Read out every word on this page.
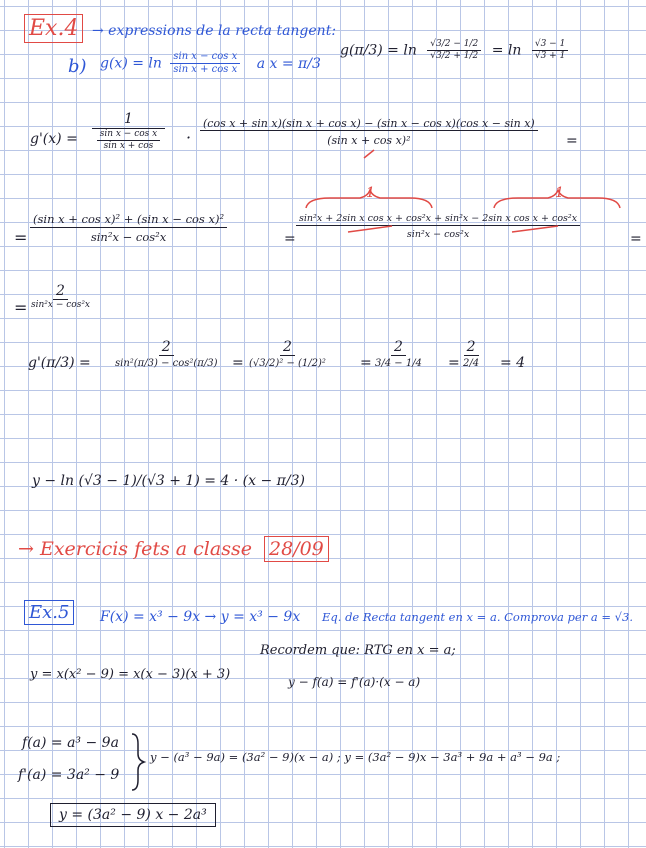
Ex.4 → expressions de la recta tangent:
b) $g(x) = \ln \frac{\text{sin x − cos x}}{\text{sin x + cos x}}$ a x = π/3
$g(\pi/3) = \ln \frac{√3/2 - 1/2}{√3/2 + 1/2} = \ln \frac{√3 - 1}{√3 + 1}$
$g'(x) = \frac{1}{\frac{\text{sin x − cos x}}{\text{sin x + cos}}}$ ·
(cos x + sin x)(sin x + cos x) − (sin x − cos x)(cos x − sin x)
(sin x + cos x)²	=
= $\frac{\text{(sin x + cos x)² + (sin x − cos x)²}}{\text{sin²x − cos²x}}$	=
1	1
$\frac{\text{sin²x + 2sin x cos x + cos²x + sin²x − 2sin x cos x + cos²x}}{\text{sin²x − cos²x}}$	=
= $\frac{2}{\text{sin²x − cos²x}}$
$g'(\pi/3) = \frac{2}{\text{sin²(π/3) − cos²(π/3)}} = \frac{2}{\text{(√3/2)² − (1/2)²}} = \frac{2}{3/4 - 1/4} = \frac{2}{2/4} = 4$
y − ln (√3 − 1)/(√3 + 1) = 4 · (x − π/3)
→ Exercicis fets a classe 28/09
Ex.5	F(x) = x³ − 9x → y = x³ − 9x Eq. de Recta tangent en x = a. Comprova per a = √3.
Recordem que: RTG en x = a;
y − f(a) = f'(a)·(x − a)
y = x(x² − 9) = x(x − 3)(x + 3)
f(a) = a³ − 9a
f'(a) = 3a² − 9
y − (a³ − 9a) = (3a² − 9)(x − a) ; y = (3a² − 9)x − 3a³ + 9a + a³ − 9a ;
y = (3a² − 9) x − 2a³
